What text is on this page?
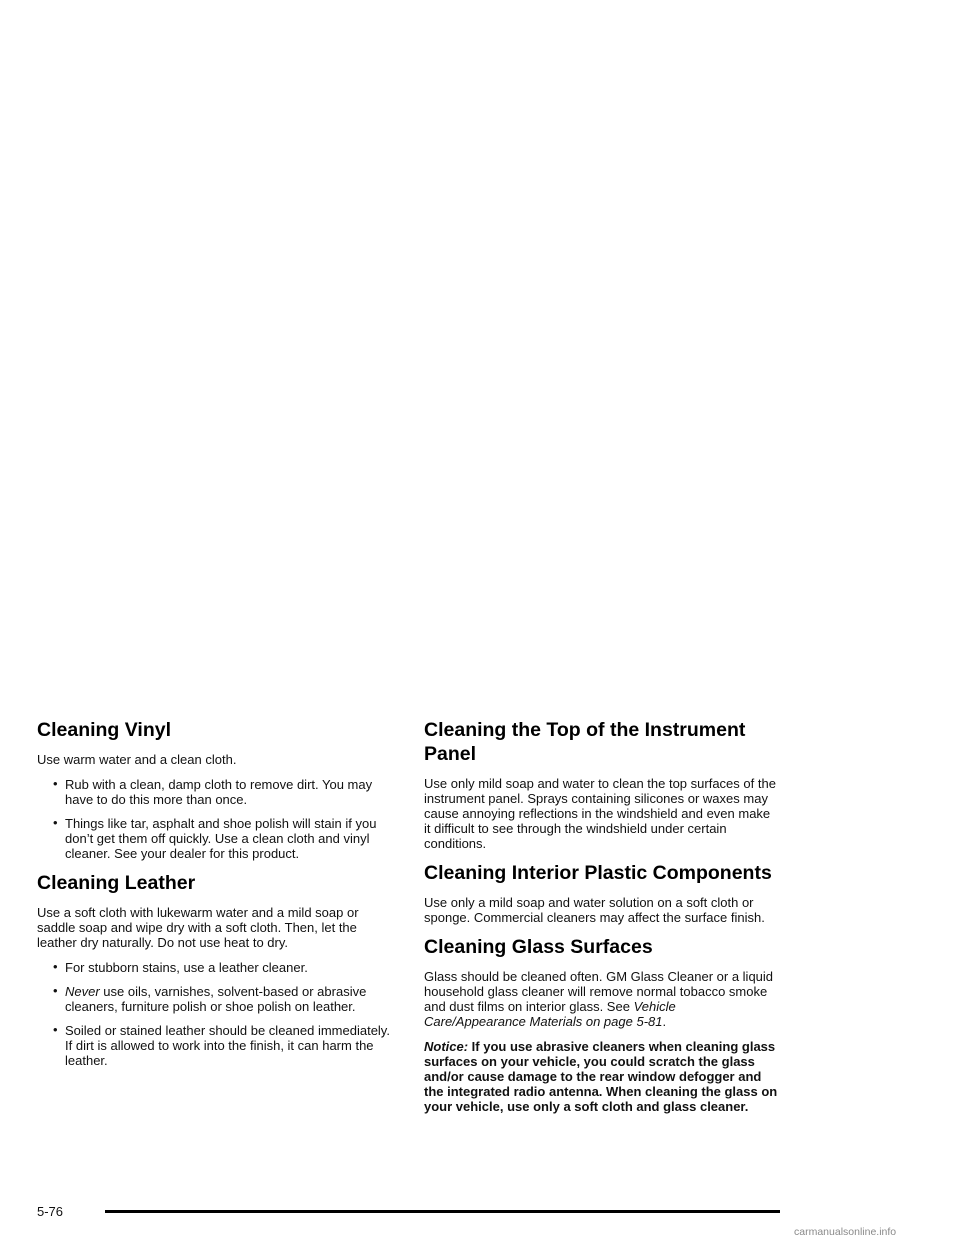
Cleaning Vinyl

Use warm water and a clean cloth.

• Rub with a clean, damp cloth to remove dirt. You may have to do this more than once.
• Things like tar, asphalt and shoe polish will stain if you don’t get them off quickly. Use a clean cloth and vinyl cleaner. See your dealer for this product.
Cleaning Leather

Use a soft cloth with lukewarm water and a mild soap or saddle soap and wipe dry with a soft cloth. Then, let the leather dry naturally. Do not use heat to dry.

• For stubborn stains, use a leather cleaner.
• Never use oils, varnishes, solvent-based or abrasive cleaners, furniture polish or shoe polish on leather.
• Soiled or stained leather should be cleaned immediately. If dirt is allowed to work into the finish, it can harm the leather.
Cleaning the Top of the Instrument Panel

Use only mild soap and water to clean the top surfaces of the instrument panel. Sprays containing silicones or waxes may cause annoying reflections in the windshield and even make it difficult to see through the windshield under certain conditions.

Cleaning Interior Plastic Components

Use only a mild soap and water solution on a soft cloth or sponge. Commercial cleaners may affect the surface finish.

Cleaning Glass Surfaces

Glass should be cleaned often. GM Glass Cleaner or a liquid household glass cleaner will remove normal tobacco smoke and dust films on interior glass. See Vehicle Care/Appearance Materials on page 5-81.

Notice: If you use abrasive cleaners when cleaning glass surfaces on your vehicle, you could scratch the glass and/or cause damage to the rear window defogger and the integrated radio antenna. When cleaning the glass on your vehicle, use only a soft cloth and glass cleaner.

5-76
carmanualsonline.info
